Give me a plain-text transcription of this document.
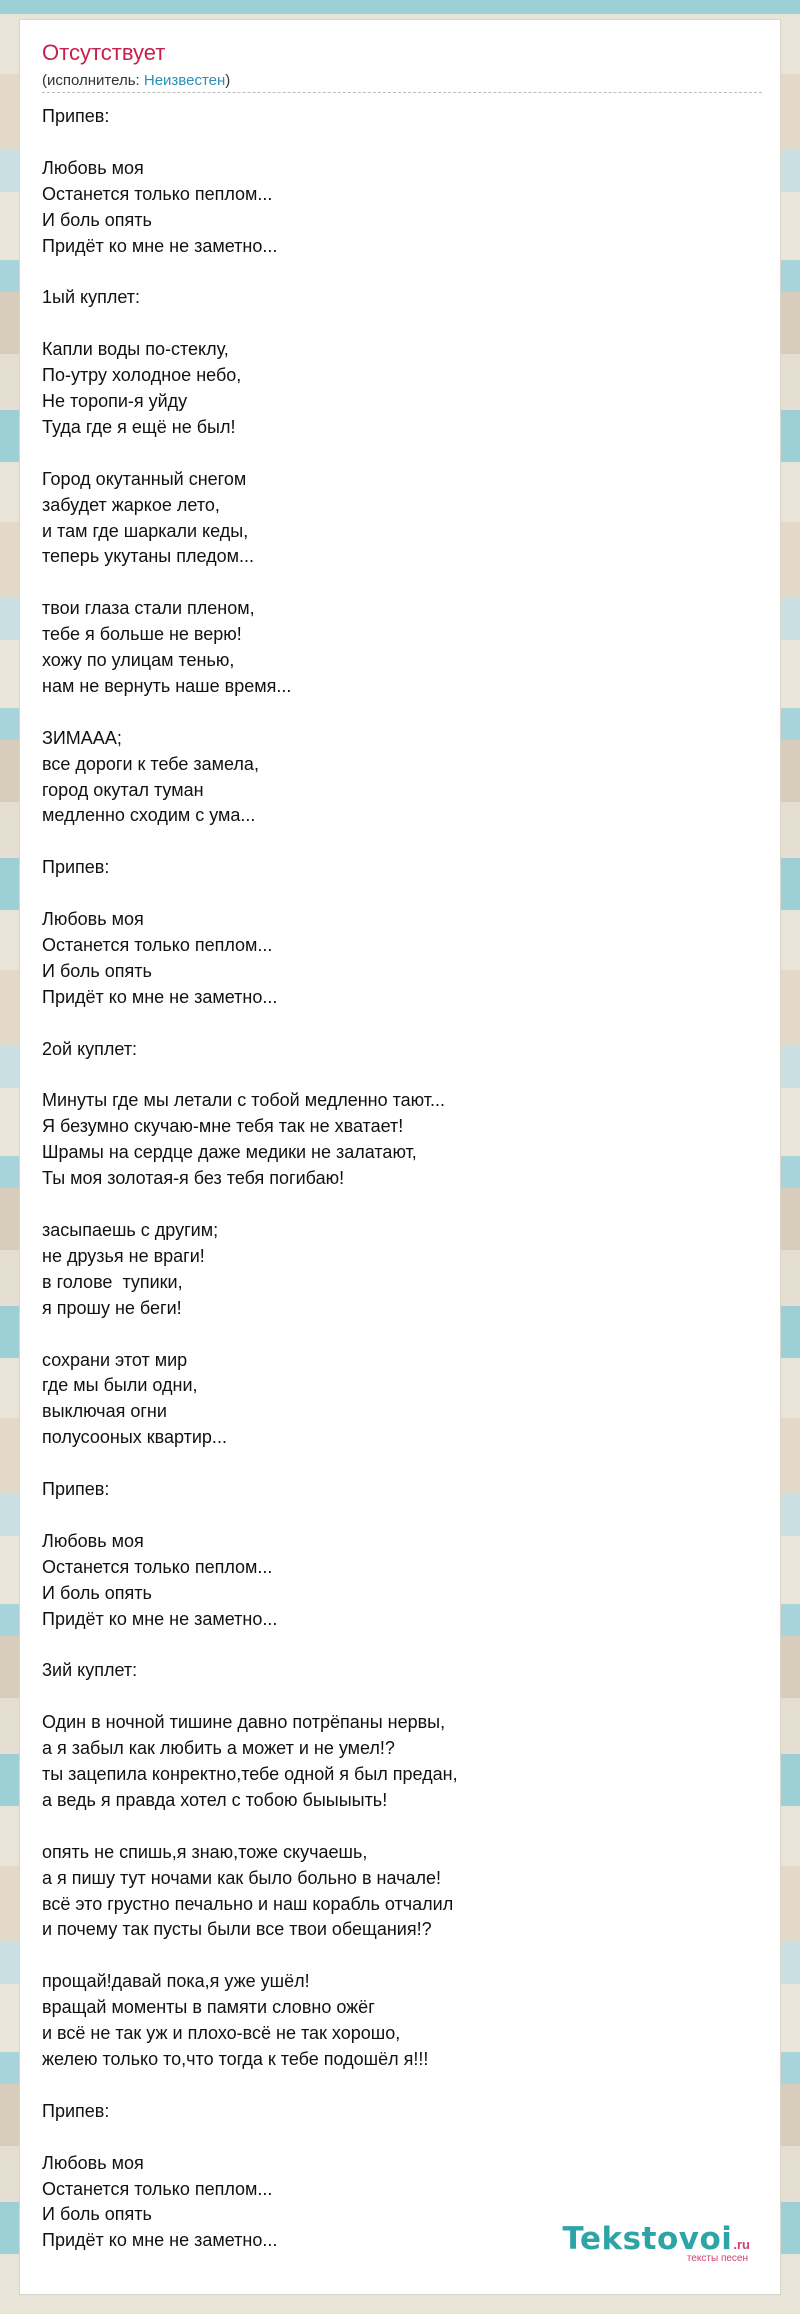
Отсутствует
(исполнитель: Неизвестен)
Припев:

Любовь моя
Останется только пеплом...
И боль опять
Придёт ко мне не заметно...

1ый куплет:

Капли воды по-стеклу,
По-утру холодное небо,
Не торопи-я уйду
Туда где я ещё не был!

Город окутанный снегом
забудет жаркое лето,
и там где шаркали кеды,
теперь укутаны пледом...

твои глаза стали пленом,
тебе я больше не верю!
хожу по улицам тенью,
нам не вернуть наше время...

ЗИМААА;
все дороги к тебе замела,
город окутал туман
медленно сходим с ума...

Припев:

Любовь моя
Останется только пеплом...
И боль опять
Придёт ко мне не заметно...

2ой куплет:

Минуты где мы летали с тобой медленно тают...
Я безумно скучаю-мне тебя так не хватает!
Шрамы на сердце даже медики не залатают,
Ты моя золотая-я без тебя погибаю!

засыпаешь с другим;
не друзья не враги!
в голове  тупики,
я прошу не беги!

сохрани этот мир
где мы были одни,
выключая огни
полусооных квартир...

Припев:

Любовь моя
Останется только пеплом...
И боль опять
Придёт ко мне не заметно...

3ий куплет:

Один в ночной тишине давно потрёпаны нервы,
а я забыл как любить а может и не умел!?
ты зацепила конректно,тебе одной я был предан,
а ведь я правда хотел с тобою быыыыть!

опять не спишь,я знаю,тоже скучаешь,
а я пишу тут ночами как было больно в начале!
всё это грустно печально и наш корабль отчалил
и почему так пусты были все твои обещания!?

прощай!давай пока,я уже ушёл!
вращай моменты в памяти словно ожёг
и всё не так уж и плохо-всё не так хорошо,
желею только то,что тогда к тебе подошёл я!!!

Припев:

Любовь моя
Останется только пеплом...
И боль опять
Придёт ко мне не заметно...	Tekstovoi.ru
тексты песен
